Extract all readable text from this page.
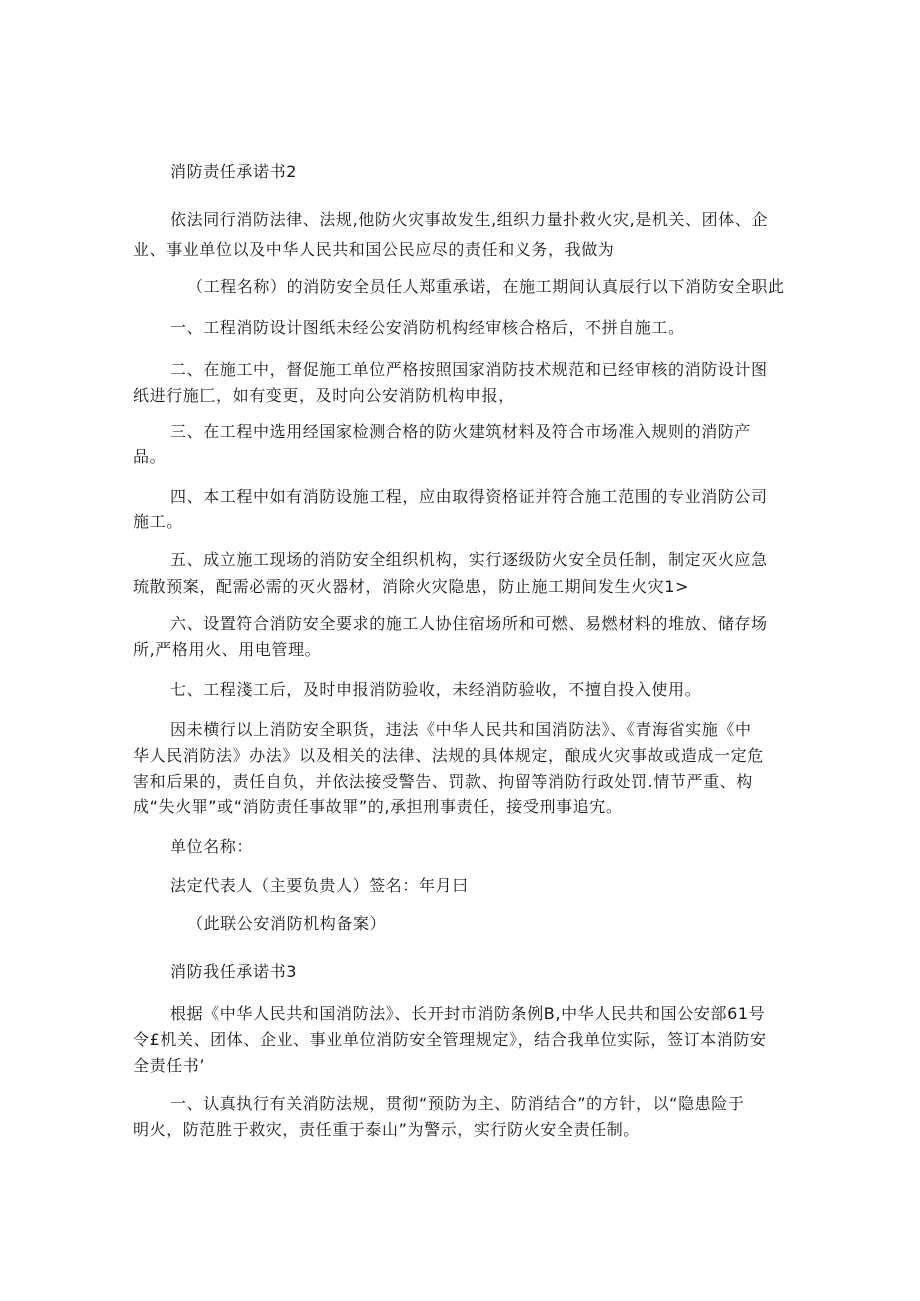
消防责任承诺书2
依法同行消防法律、法规,他防火灾事故发生,组织力量扑救火灾,是机关、团体、企
业、事业单位以及中华人民共和国公民应尽的责任和义务，我做为
（工程名称）的消防安全员任人郑重承诺，在施工期间认真辰行以下消防安全职此
一、工程消防设计图纸未经公安消防机构经审核合格后，不拼自施工。
二、在施工中，督促施工单位严格按照国家消防技术规范和已经审核的消防设计图
纸进行施匚，如有变更，及时向公安消防机构申报，
三、在工程中选用经国家检测合格的防火建筑材料及符合市场准入规则的消防产
品。
四、本工程中如有消防设施工程，应由取得资格证并符合施工范围的专业消防公司
施工。
五、成立施工现场的消防安全组织机构，实行逐级防火安全员任制，制定灭火应急
琉散预案，配需必需的灭火器材，消除火灾隐患，防止施工期间发生火灾1>
六、设置符合消防安全要求的施工人协住宿场所和可燃、易燃材料的堆放、储存场
所,严格用火、用电管理。
七、工程淺工后，及时申报消防验收，未经消防验收，不擅自投入使用。
因未横行以上消防安全职货，违法《中华人民共和国消防法》、《青海省实施《中
华人民消防法》办法》以及相关的法律、法规的具体规定，酿成火灾事故或造成一定危
害和后果的，责任自负，并依法接受警告、罚款、拘留等消防行政处罚.情节严重、构
成“失火罪”或“消防责任事故罪”的,承担刑事责任，接受刑事追宄。
单位名称：
法定代表人（主要负贵人）签名：年月曰
（此联公安消防机构备案）
消防我任承诺书3
根据《中华人民共和国消防法》、长开封市消防条例B,中华人民共和国公安部61号
令£机关、团体、企业、事业单位消防安全管理规定》，结合我单位实际，签订本消防安
全责任书’
一、认真执行有关消防法规，贯彻“预防为主、防消结合”的方针，以“隐患险于
明火，防范胜于救灾，责任重于泰山”为警示，实行防火安全责任制。
